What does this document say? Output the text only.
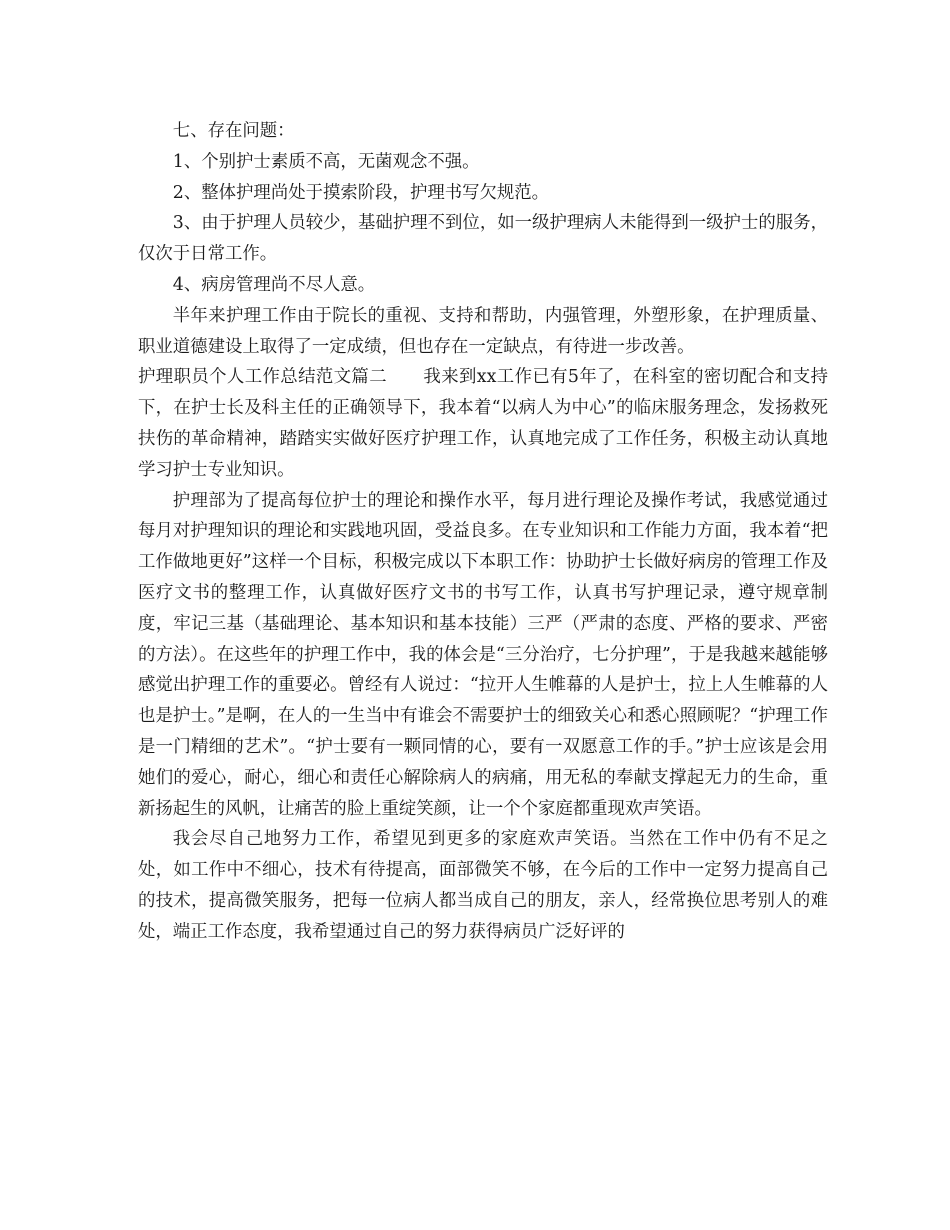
七、存在问题：

1、个别护士素质不高，无菌观念不强。

2、整体护理尚处于摸索阶段，护理书写欠规范。

3、由于护理人员较少，基础护理不到位，如一级护理病人未能得到一级护士的服务，仅次于日常工作。

4、病房管理尚不尽人意。

半年来护理工作由于院长的重视、支持和帮助，内强管理，外塑形象，在护理质量、职业道德建设上取得了一定成绩，但也存在一定缺点，有待进一步改善。

护理职员个人工作总结范文篇二 我来到xx工作已有5年了，在科室的密切配合和支持下，在护士长及科主任的正确领导下，我本着“以病人为中心”的临床服务理念，发扬救死扶伤的革命精神，踏踏实实做好医疗护理工作，认真地完成了工作任务，积极主动认真地学习护士专业知识。

护理部为了提高每位护士的理论和操作水平，每月进行理论及操作考试，我感觉通过每月对护理知识的理论和实践地巩固，受益良多。在专业知识和工作能力方面，我本着“把工作做地更好”这样一个目标，积极完成以下本职工作：协助护士长做好病房的管理工作及医疗文书的整理工作，认真做好医疗文书的书写工作，认真书写护理记录，遵守规章制度，牢记三基（基础理论、基本知识和基本技能）三严（严肃的态度、严格的要求、严密的方法）。在这些年的护理工作中，我的体会是“三分治疗，七分护理”，于是我越来越能够感觉出护理工作的重要必。曾经有人说过：“拉开人生帷幕的人是护士，拉上人生帷幕的人也是护士。”是啊，在人的一生当中有谁会不需要护士的细致关心和悉心照顾呢？“护理工作是一门精细的艺术”。“护士要有一颗同情的心，要有一双愿意工作的手。”护士应该是会用她们的爱心，耐心，细心和责任心解除病人的病痛，用无私的奉献支撑起无力的生命，重新扬起生的风帆，让痛苦的脸上重绽笑颜，让一个个家庭都重现欢声笑语。

我会尽自己地努力工作，希望见到更多的家庭欢声笑语。当然在工作中仍有不足之处，如工作中不细心，技术有待提高，面部微笑不够，在今后的工作中一定努力提高自己的技术，提高微笑服务，把每一位病人都当成自己的朋友，亲人，经常换位思考别人的难处，端正工作态度，我希望通过自己的努力获得病员广泛好评的
